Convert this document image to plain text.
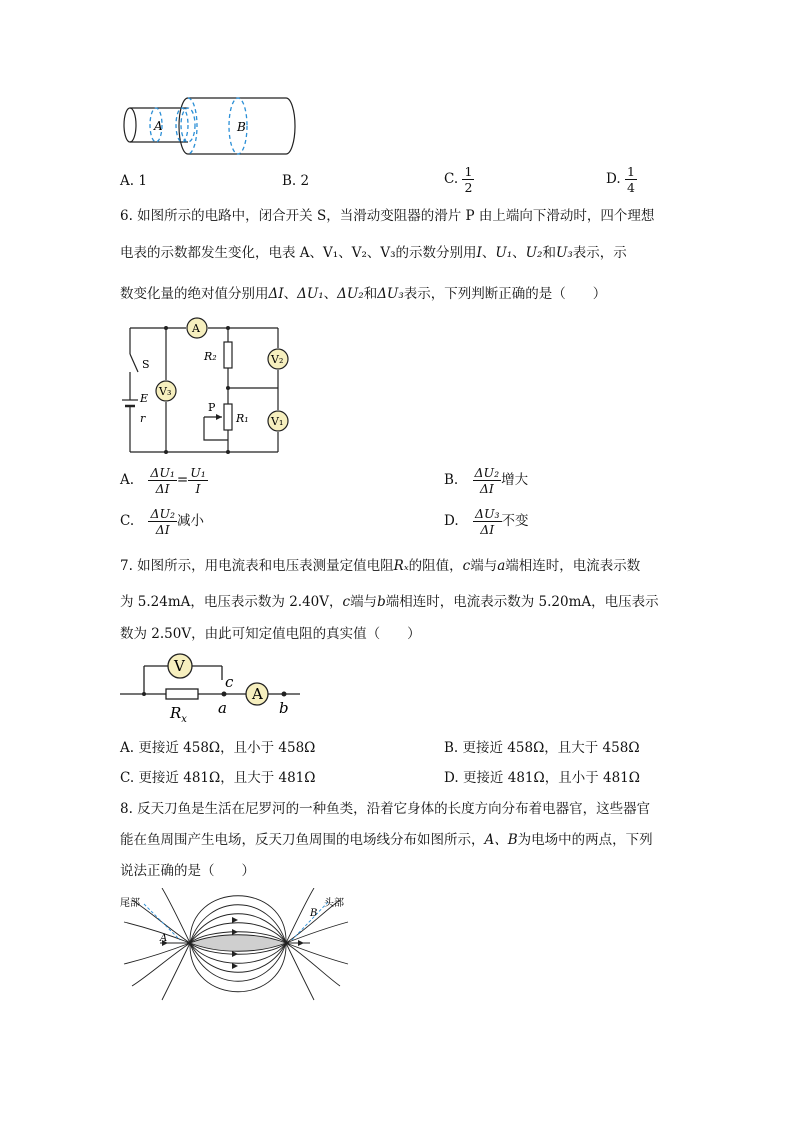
A	B
A. 1	B. 2	C. $\frac{1}{2}$	D. $\frac{1}{4}$
6. 如图所示的电路中，闭合开关 S，当滑动变阻器的滑片 P 由上端向下滑动时，四个理想
电表的示数都发生变化，电表 A、V₁、V₂、V₃的示数分别用I、U₁、U₂和U₃表示，示
数变化量的绝对值分别用ΔI、ΔU₁、ΔU₂和ΔU₃表示，下列判断正确的是（　　）
A
V₃
V₂
V₁
S
E
r
R₂
R₁
P
A. $\frac{\text{ΔU₁}}{\Delta I} = \frac{\text{U₁}}{I}$	B. $\frac{\text{ΔU₂}}{\Delta I}$ 增大
C. $\frac{\text{ΔU₂}}{\Delta I}$ 减小	D. $\frac{\text{ΔU₃}}{\Delta I}$ 不变
7. 如图所示，用电流表和电压表测量定值电阻Rₓ的阻值，c端与a端相连时，电流表示数
为 5.24mA，电压表示数为 2.40V，c端与b端相连时，电流表示数为 5.20mA，电压表示
数为 2.50V，由此可知定值电阻的真实值（　　）
V
A
$R_x$
c
a	b
A. 更接近 458Ω，且小于 458Ω	B. 更接近 458Ω，且大于 458Ω
C. 更接近 481Ω，且大于 481Ω	D. 更接近 481Ω，且小于 481Ω
8. 反天刀鱼是生活在尼罗河的一种鱼类，沿着它身体的长度方向分布着电器官，这些器官
能在鱼周围产生电场，反天刀鱼周围的电场线分布如图所示，A、B为电场中的两点，下列
说法正确的是（　　）
尾部	头部
A
B
